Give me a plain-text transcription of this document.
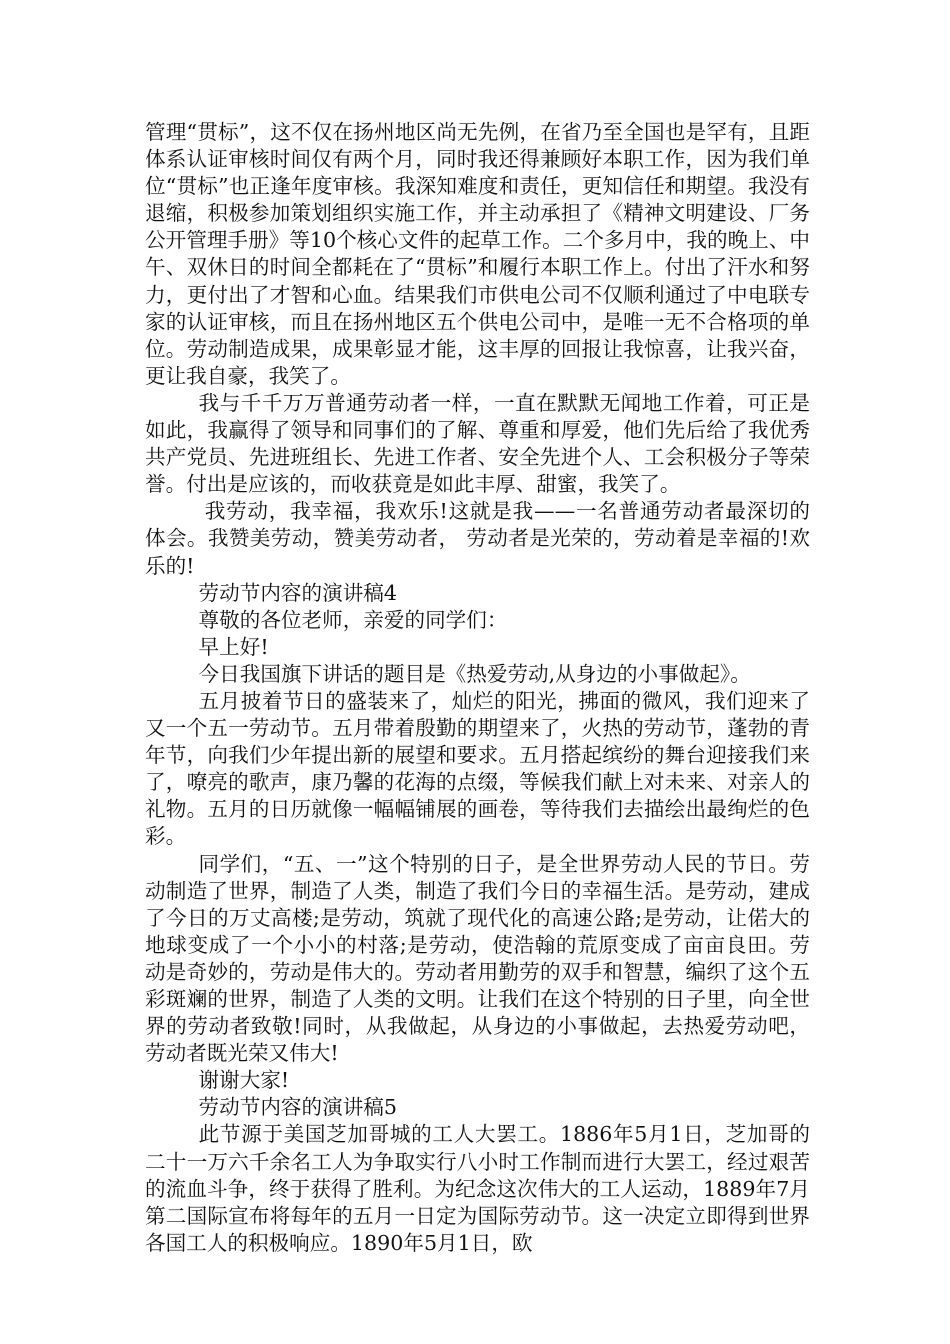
管理“贯标”，这不仅在扬州地区尚无先例，在省乃至全国也是罕有，且距体系认证审核时间仅有两个月，同时我还得兼顾好本职工作，因为我们单位“贯标”也正逢年度审核。我深知难度和责任，更知信任和期望。我没有退缩，积极参加策划组织实施工作，并主动承担了《精神文明建设、厂务公开管理手册》等10个核心文件的起草工作。二个多月中，我的晚上、中午、双休日的时间全都耗在了“贯标”和履行本职工作上。付出了汗水和努力，更付出了才智和心血。结果我们市供电公司不仅顺利通过了中电联专家的认证审核，而且在扬州地区五个供电公司中，是唯一无不合格项的单位。劳动制造成果，成果彰显才能，这丰厚的回报让我惊喜，让我兴奋，更让我自豪，我笑了。

我与千千万万普通劳动者一样，一直在默默无闻地工作着，可正是如此，我赢得了领导和同事们的了解、尊重和厚爱，他们先后给了我优秀共产党员、先进班组长、先进工作者、安全先进个人、工会积极分子等荣誉。付出是应该的，而收获竟是如此丰厚、甜蜜，我笑了。

我劳动，我幸福，我欢乐!这就是我——一名普通劳动者最深切的体会。我赞美劳动，赞美劳动者， 劳动者是光荣的，劳动着是幸福的!欢乐的!

劳动节内容的演讲稿4

尊敬的各位老师，亲爱的同学们：

早上好!

今日我国旗下讲话的题目是《热爱劳动,从身边的小事做起》。

五月披着节日的盛装来了，灿烂的阳光，拂面的微风，我们迎来了又一个五一劳动节。五月带着殷勤的期望来了，火热的劳动节，蓬勃的青年节，向我们少年提出新的展望和要求。五月搭起缤纷的舞台迎接我们来了，嘹亮的歌声，康乃馨的花海的点缀，等候我们献上对未来、对亲人的礼物。五月的日历就像一幅幅铺展的画卷，等待我们去描绘出最绚烂的色彩。

同学们，“五、一”这个特别的日子，是全世界劳动人民的节日。劳动制造了世界，制造了人类，制造了我们今日的幸福生活。是劳动，建成了今日的万丈高楼;是劳动，筑就了现代化的高速公路;是劳动，让偌大的地球变成了一个小小的村落;是劳动，使浩翰的荒原变成了亩亩良田。劳动是奇妙的，劳动是伟大的。劳动者用勤劳的双手和智慧，编织了这个五彩斑斓的世界，制造了人类的文明。让我们在这个特别的日子里，向全世界的劳动者致敬!同时，从我做起，从身边的小事做起，去热爱劳动吧，劳动者既光荣又伟大!

谢谢大家!

劳动节内容的演讲稿5

此节源于美国芝加哥城的工人大罢工。1886年5月1日，芝加哥的二十一万六千余名工人为争取实行八小时工作制而进行大罢工，经过艰苦的流血斗争，终于获得了胜利。为纪念这次伟大的工人运动，1889年7月第二国际宣布将每年的五月一日定为国际劳动节。这一决定立即得到世界各国工人的积极响应。1890年5月1日，欧
